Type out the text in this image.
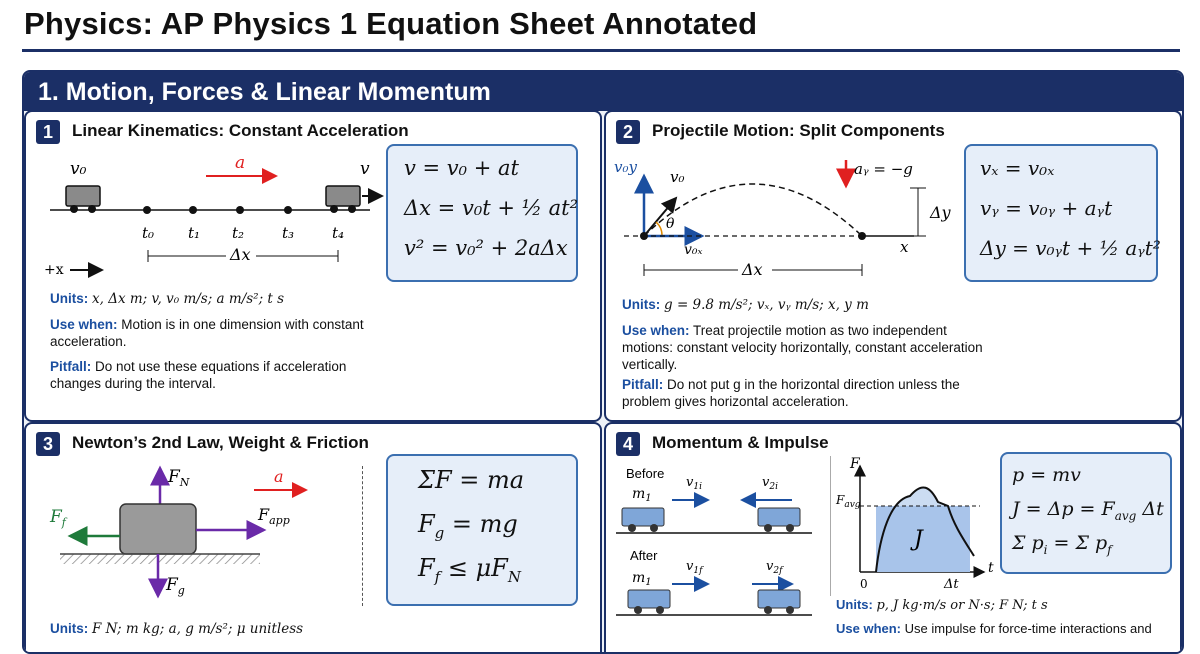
Physics: AP Physics 1 Equation Sheet Annotated
1. Motion, Forces & Linear Momentum
1	Linear Kinematics: Constant Acceleration
v₀	a	v
t₀ t₁ t₂	t₃	t₄
Δx
+x
v = v₀ + at
Δx = v₀t + ½ at²
v² = v₀² + 2aΔx
Units: x, Δx m; v, v₀ m/s; a m/s²; t s
Use when: Motion is in one dimension with constant acceleration.
Pitfall: Do not use these equations if acceleration changes during the interval.
2	Projectile Motion: Split Components
v₀y
v₀
θ
v₀ₓ
aᵧ = −g
Δy
x
Δx
vₓ = v₀ₓ
vᵧ = v₀ᵧ + aᵧt
Δy = v₀ᵧt + ½ aᵧt²
Units: g = 9.8 m/s²; vₓ, vᵧ m/s; x, y m
Use when: Treat projectile motion as two independent motions: constant velocity horizontally, constant acceleration vertically.
Pitfall: Do not put g in the horizontal direction unless the problem gives horizontal acceleration.
3	Newton’s 2nd Law, Weight & Friction
$F_N$	a
$F_f$	$F_{app}$
$F_g$
ΣF = ma
$F_g$ = mg
$F_f \le \mu F_N$
Units: F N; m kg; a, g m/s²; μ unitless
4	Momentum & Impulse
Before
$m_1$
$v_{1i}$	$v_{2i}$
After
$m_1$
$v_{1f}$	$v_{2f}$
F
t
$F_{avg}$
J
0	Δt
p = mv
$J = \Delta p = F_{avg}$ Δt
Σ $p_i = \Sigma$ $p_f$
Units: p, J kg·m/s or N·s; F N; t s
Use when: Use impulse for force-time interactions and
